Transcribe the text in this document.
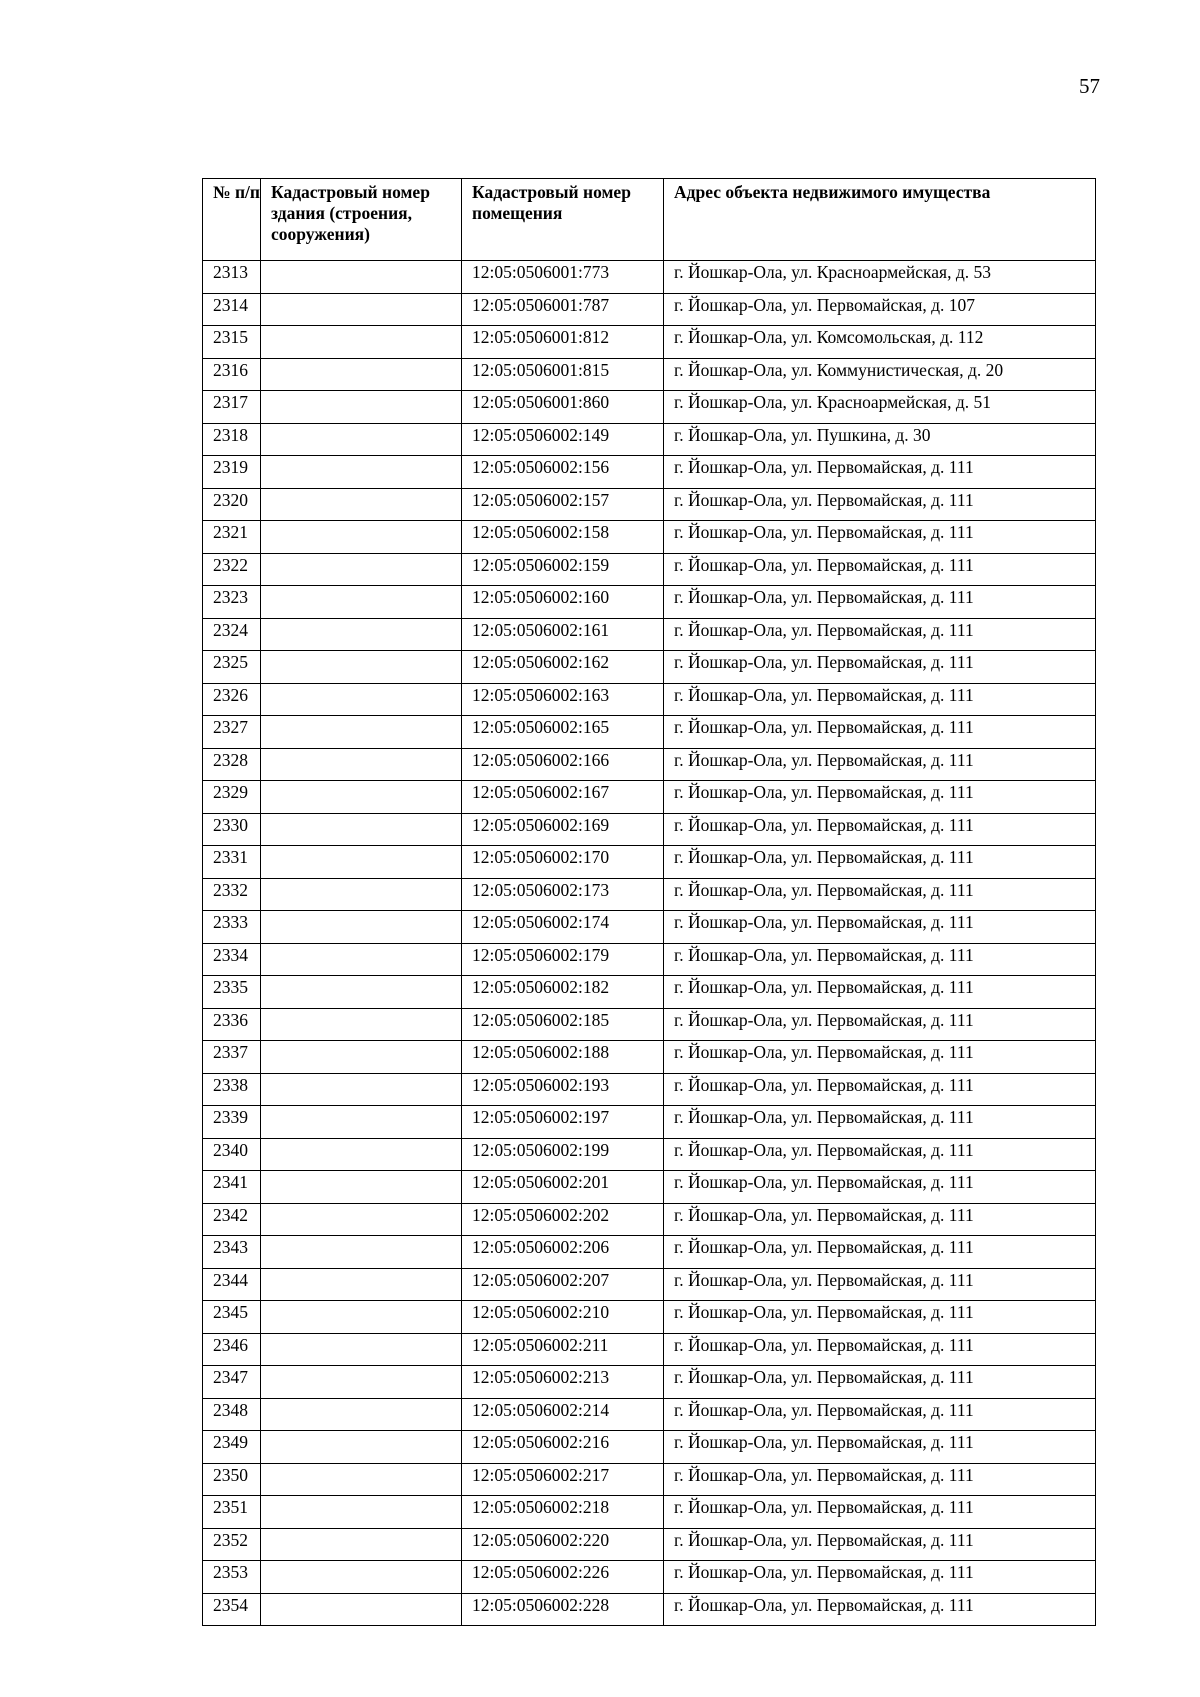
57
№ п/п	Кадастровый номер здания (строения, сооружения)	Кадастровый номер помещения	Адрес объекта недвижимого имущества
2313		12:05:0506001:773	г. Йошкар-Ола, ул. Красноармейская, д. 53
2314		12:05:0506001:787	г. Йошкар-Ола, ул. Первомайская, д. 107
2315		12:05:0506001:812	г. Йошкар-Ола, ул. Комсомольская, д. 112
2316		12:05:0506001:815	г. Йошкар-Ола, ул. Коммунистическая, д. 20
2317		12:05:0506001:860	г. Йошкар-Ола, ул. Красноармейская, д. 51
2318		12:05:0506002:149	г. Йошкар-Ола, ул. Пушкина, д. 30
2319		12:05:0506002:156	г. Йошкар-Ола, ул. Первомайская, д. 111
2320		12:05:0506002:157	г. Йошкар-Ола, ул. Первомайская, д. 111
2321		12:05:0506002:158	г. Йошкар-Ола, ул. Первомайская, д. 111
2322		12:05:0506002:159	г. Йошкар-Ола, ул. Первомайская, д. 111
2323		12:05:0506002:160	г. Йошкар-Ола, ул. Первомайская, д. 111
2324		12:05:0506002:161	г. Йошкар-Ола, ул. Первомайская, д. 111
2325		12:05:0506002:162	г. Йошкар-Ола, ул. Первомайская, д. 111
2326		12:05:0506002:163	г. Йошкар-Ола, ул. Первомайская, д. 111
2327		12:05:0506002:165	г. Йошкар-Ола, ул. Первомайская, д. 111
2328		12:05:0506002:166	г. Йошкар-Ола, ул. Первомайская, д. 111
2329		12:05:0506002:167	г. Йошкар-Ола, ул. Первомайская, д. 111
2330		12:05:0506002:169	г. Йошкар-Ола, ул. Первомайская, д. 111
2331		12:05:0506002:170	г. Йошкар-Ола, ул. Первомайская, д. 111
2332		12:05:0506002:173	г. Йошкар-Ола, ул. Первомайская, д. 111
2333		12:05:0506002:174	г. Йошкар-Ола, ул. Первомайская, д. 111
2334		12:05:0506002:179	г. Йошкар-Ола, ул. Первомайская, д. 111
2335		12:05:0506002:182	г. Йошкар-Ола, ул. Первомайская, д. 111
2336		12:05:0506002:185	г. Йошкар-Ола, ул. Первомайская, д. 111
2337		12:05:0506002:188	г. Йошкар-Ола, ул. Первомайская, д. 111
2338		12:05:0506002:193	г. Йошкар-Ола, ул. Первомайская, д. 111
2339		12:05:0506002:197	г. Йошкар-Ола, ул. Первомайская, д. 111
2340		12:05:0506002:199	г. Йошкар-Ола, ул. Первомайская, д. 111
2341		12:05:0506002:201	г. Йошкар-Ола, ул. Первомайская, д. 111
2342		12:05:0506002:202	г. Йошкар-Ола, ул. Первомайская, д. 111
2343		12:05:0506002:206	г. Йошкар-Ола, ул. Первомайская, д. 111
2344		12:05:0506002:207	г. Йошкар-Ола, ул. Первомайская, д. 111
2345		12:05:0506002:210	г. Йошкар-Ола, ул. Первомайская, д. 111
2346		12:05:0506002:211	г. Йошкар-Ола, ул. Первомайская, д. 111
2347		12:05:0506002:213	г. Йошкар-Ола, ул. Первомайская, д. 111
2348		12:05:0506002:214	г. Йошкар-Ола, ул. Первомайская, д. 111
2349		12:05:0506002:216	г. Йошкар-Ола, ул. Первомайская, д. 111
2350		12:05:0506002:217	г. Йошкар-Ола, ул. Первомайская, д. 111
2351		12:05:0506002:218	г. Йошкар-Ола, ул. Первомайская, д. 111
2352		12:05:0506002:220	г. Йошкар-Ола, ул. Первомайская, д. 111
2353		12:05:0506002:226	г. Йошкар-Ола, ул. Первомайская, д. 111
2354		12:05:0506002:228	г. Йошкар-Ола, ул. Первомайская, д. 111
